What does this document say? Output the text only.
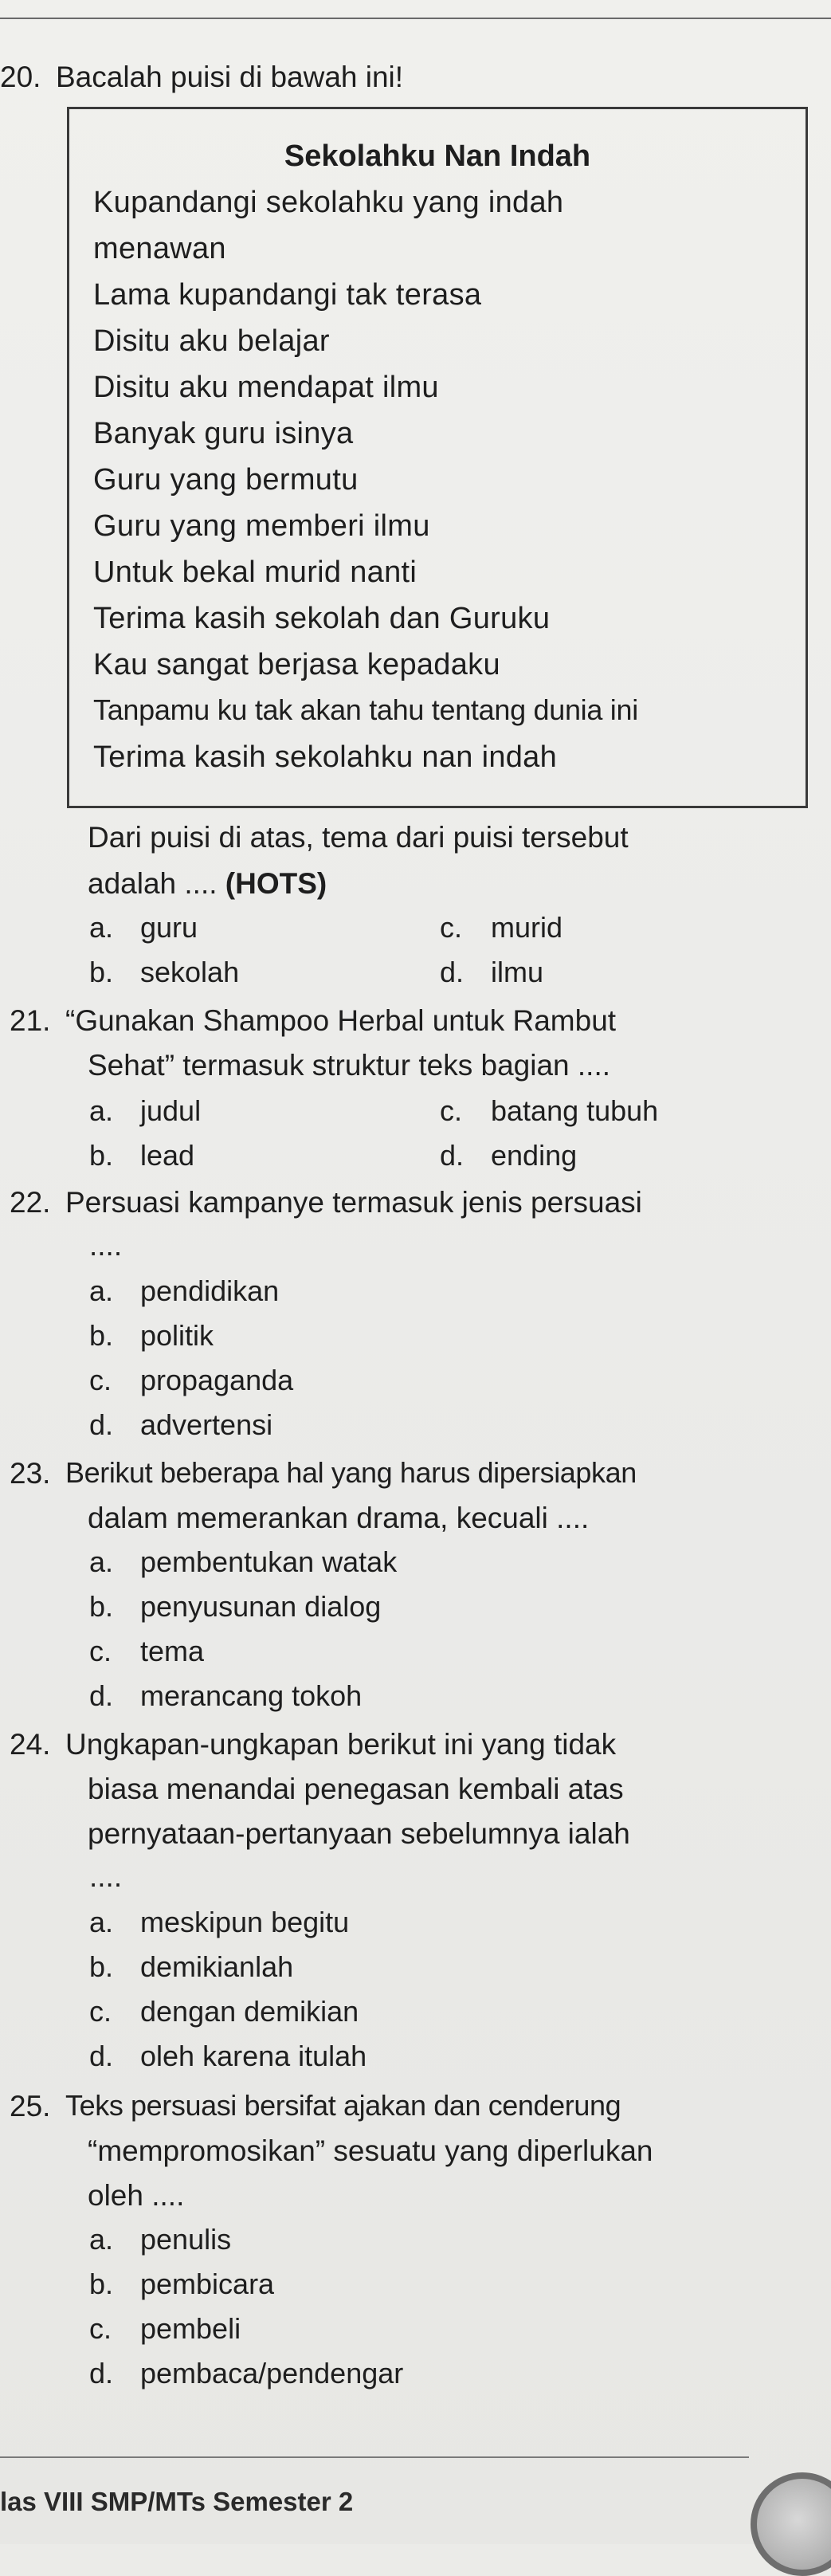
20. Bacalah puisi di bawah ini!
Sekolahku Nan Indah
Kupandangi sekolahku yang indah
menawan
Lama kupandangi tak terasa
Disitu aku belajar
Disitu aku mendapat ilmu
Banyak guru isinya
Guru yang bermutu
Guru yang memberi ilmu
Untuk bekal murid nanti
Terima kasih sekolah dan Guruku
Kau sangat berjasa kepadaku
Tanpamu ku tak akan tahu tentang dunia ini
Terima kasih sekolahku nan indah
Dari puisi di atas, tema dari puisi tersebut
adalah .... (HOTS)
a. guru
b. sekolah
c. murid
d. ilmu
21. “Gunakan Shampoo Herbal untuk Rambut
Sehat” termasuk struktur teks bagian ....
a. judul
b. lead
c. batang tubuh
d. ending
22. Persuasi kampanye termasuk jenis persuasi
....
a. pendidikan
b. politik
c. propaganda
d. advertensi
23. Berikut beberapa hal yang harus dipersiapkan
dalam memerankan drama, kecuali ....
a. pembentukan watak
b. penyusunan dialog
c. tema
d. merancang tokoh
24. Ungkapan-ungkapan berikut ini yang tidak
biasa menandai penegasan kembali atas
pernyataan-pertanyaan sebelumnya ialah
....
a. meskipun begitu
b. demikianlah
c. dengan demikian
d. oleh karena itulah
25. Teks persuasi bersifat ajakan dan cenderung
“mempromosikan” sesuatu yang diperlukan
oleh ....
a. penulis
b. pembicara
c. pembeli
d. pembaca/pendengar
las VIII SMP/MTs Semester 2
